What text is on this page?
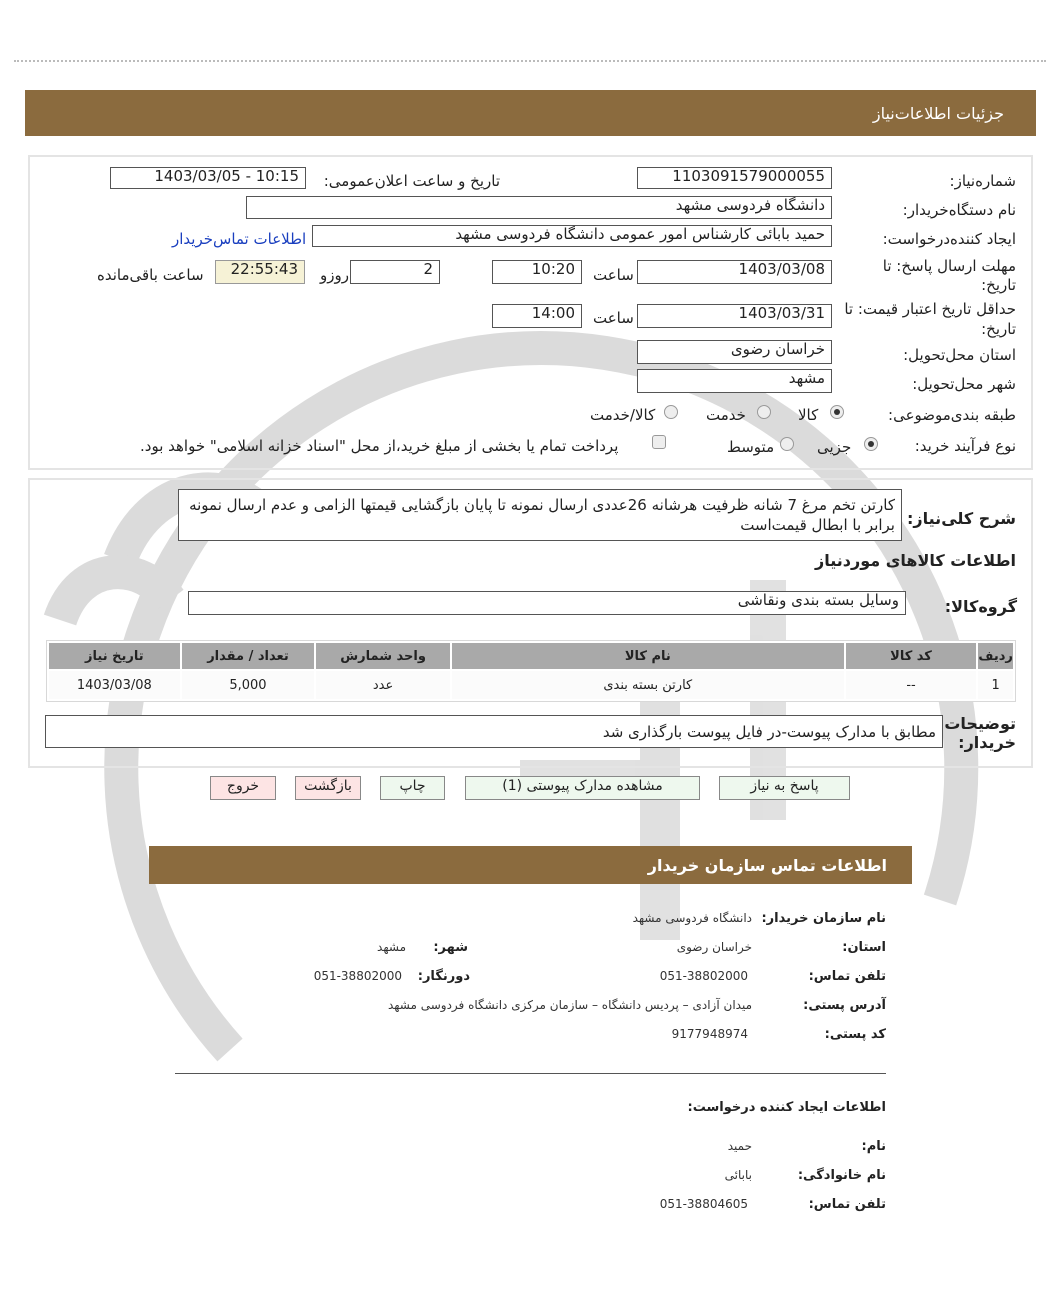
جزئیات اطلاعات‌نیاز
شماره‌نیاز:
1103091579000055
تاریخ و ساعت اعلان‌عمومی:
1403/03/05 - 10:15
نام دستگاه‌خریدار:
دانشگاه فردوسی مشهد
ایجاد کننده‌درخواست:
حمید بابائی کارشناس امور عمومی دانشگاه فردوسی مشهد
اطلاعات تماس‌خریدار
مهلت ارسال پاسخ: تا
تاریخ:
1403/03/08
ساعت
10:20
2
روزو
22:55:43
ساعت باقی‌مانده
حداقل تاریخ اعتبار قیمت: تا
تاریخ:
1403/03/31
ساعت
14:00
استان محل‌تحویل:
خراسان رضوی
شهر محل‌تحویل:
مشهد
طبقه بندی‌موضوعی:
کالا
خدمت
کالا/خدمت
نوع فرآیند خرید:
جزیی
متوسط
پرداخت تمام یا بخشی از مبلغ خرید،از محل "اسناد خزانه اسلامی" خواهد بود.
شرح کلی‌نیاز:
کارتن تخم مرغ 7 شانه ظرفیت هرشانه 26عددی ارسال نمونه تا پایان بازگشایی قیمتها الزامی و عدم ارسال نمونه برابر با ابطال قیمت‌است
اطلاعات کالاهای موردنیاز
گروه‌کالا:
وسایل بسته بندی ونقاشی
ردیف	کد کالا	نام کالا	واحد شمارش	تعداد / مقدار	تاریخ نیاز
1	--	کارتن بسته بندی	عدد	5,000	1403/03/08
توضیحات
خریدار:
مطابق با مدارک پیوست-در فایل پیوست بارگذاری شد
پاسخ به نیاز
مشاهده مدارک پیوستی (1)
چاپ
بازگشت
خروج
اطلاعات تماس سازمان خریدار
نام سازمان خریدار:
دانشگاه فردوسی مشهد
استان:
خراسان رضوی
شهر:
مشهد
تلفن تماس:
051-38802000
دورنگار:
051-38802000
آدرس پستی:
میدان آزادی – پردیس دانشگاه – سازمان مرکزی دانشگاه فردوسی مشهد
کد پستی:
9177948974
اطلاعات ایجاد کننده درخواست:
نام:
حمید
نام خانوادگی:
بابائی
تلفن تماس:
051-38804605
